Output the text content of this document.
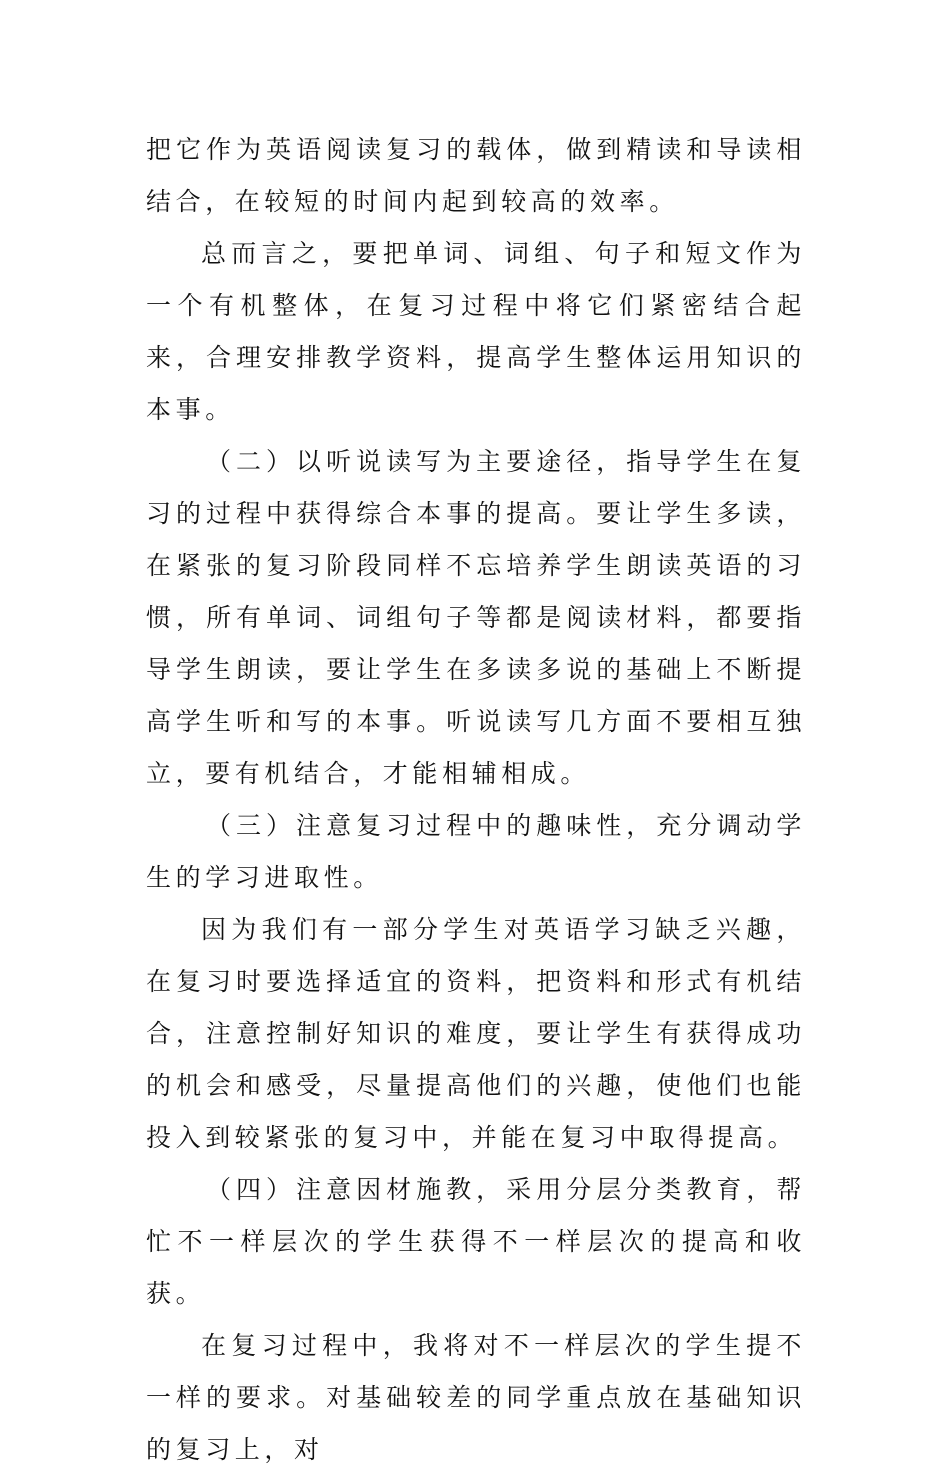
把它作为英语阅读复习的载体，做到精读和导读相结合，在较短的时间内起到较高的效率。

总而言之，要把单词、词组、句子和短文作为一个有机整体，在复习过程中将它们紧密结合起来，合理安排教学资料，提高学生整体运用知识的本事。

（二）以听说读写为主要途径，指导学生在复习的过程中获得综合本事的提高。要让学生多读，在紧张的复习阶段同样不忘培养学生朗读英语的习惯，所有单词、词组句子等都是阅读材料，都要指导学生朗读，要让学生在多读多说的基础上不断提高学生听和写的本事。听说读写几方面不要相互独立，要有机结合，才能相辅相成。

（三）注意复习过程中的趣味性，充分调动学生的学习进取性。

因为我们有一部分学生对英语学习缺乏兴趣，在复习时要选择适宜的资料，把资料和形式有机结合，注意控制好知识的难度，要让学生有获得成功的机会和感受，尽量提高他们的兴趣，使他们也能投入到较紧张的复习中，并能在复习中取得提高。

（四）注意因材施教，采用分层分类教育，帮忙不一样层次的学生获得不一样层次的提高和收获。

在复习过程中，我将对不一样层次的学生提不一样的要求。对基础较差的同学重点放在基础知识的复习上，对
